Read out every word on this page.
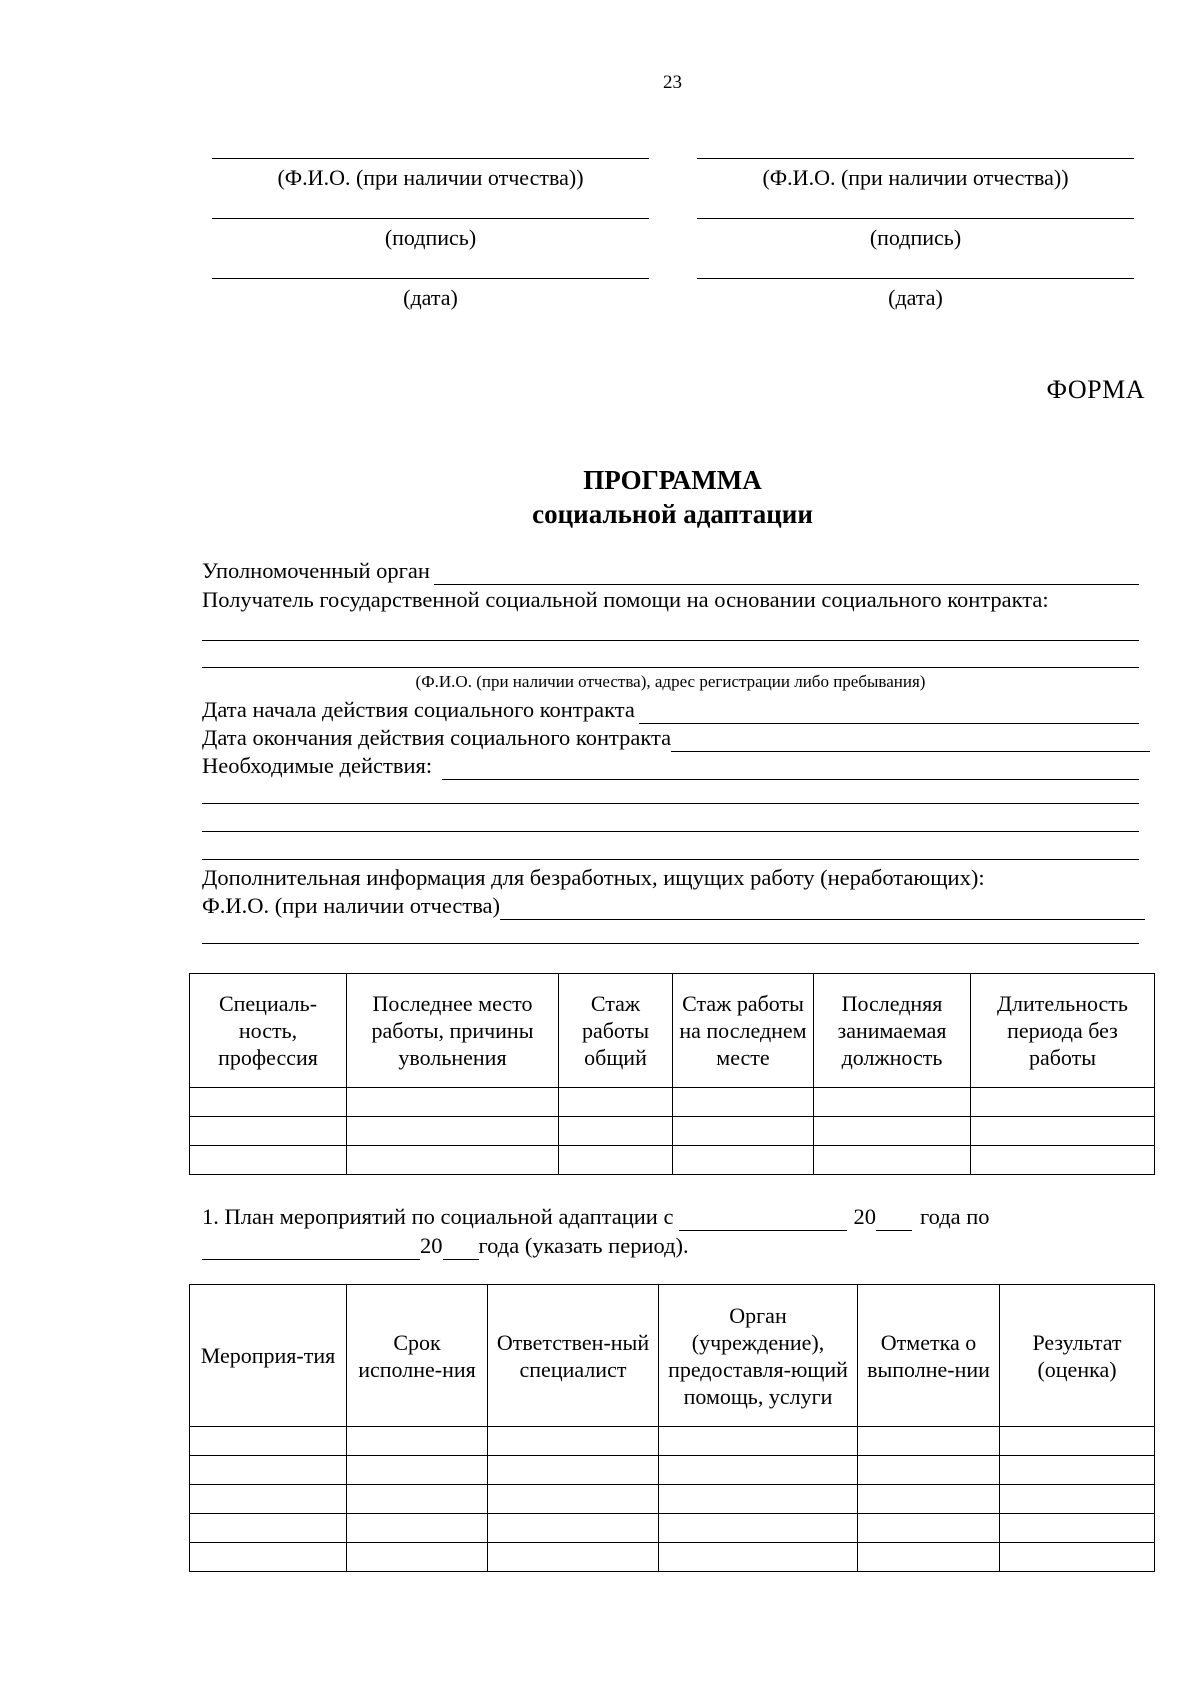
23
(Ф.И.О. (при наличии отчества))
(подпись)
(дата)
(Ф.И.О. (при наличии отчества))
(подпись)
(дата)
ФОРМА
ПРОГРАММА
социальной адаптации
Уполномоченный орган
Получатель государственной социальной помощи на основании социального контракта:
(Ф.И.О. (при наличии отчества), адрес регистрации либо пребывания)
Дата начала действия социального контракта
Дата окончания действия социального контракта
Необходимые действия:
Дополнительная информация для безработных, ищущих работу (неработающих):
Ф.И.О. (при наличии отчества)
Специаль-ность, профессия	Последнее место работы, причины увольнения	Стаж работы общий	Стаж работы на последнем месте	Последняя занимаемая должность	Длительность периода без работы

1. План мероприятий по социальной адаптации с	20 года по
20 года (указать период).
Мероприя-тия	Срок исполне-ния	Ответствен-ный специалист	Орган (учреждение), предоставля-ющий помощь, услуги	Отметка о выполне-нии	Результат (оценка)
